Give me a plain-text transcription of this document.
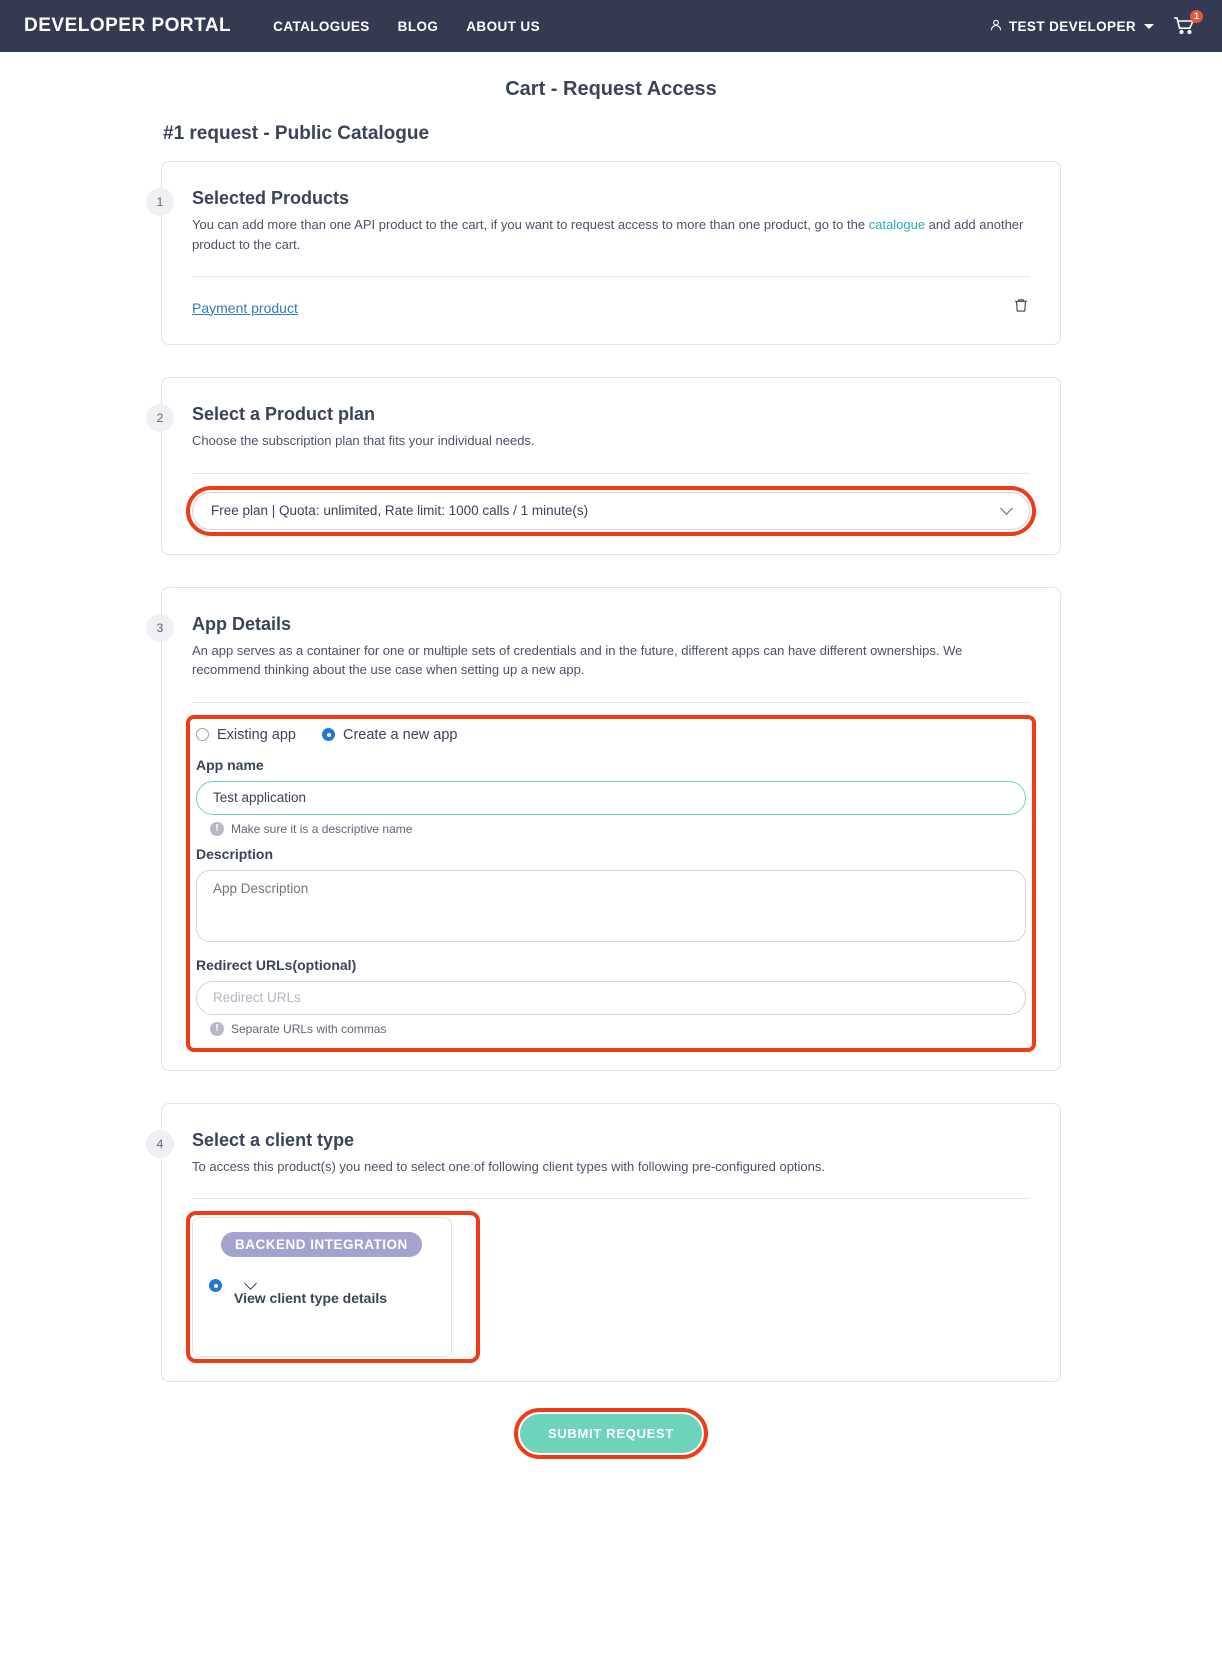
DEVELOPER PORTAL	CATALOGUES BLOG ABOUT US	TEST DEVELOPER
1
Cart - Request Access
#1 request - Public Catalogue
1	Selected Products

You can add more than one API product to the cart, if you want to request access to more than one product, go to the catalogue and add another product to the cart.

Payment product
2	Select a Product plan

Choose the subscription plan that fits your individual needs.

Free plan | Quota: unlimited, Rate limit: 1000 calls / 1 minute(s)
3	App Details

An app serves as a container for one or multiple sets of credentials and in the future, different apps can have different ownerships. We recommend thinking about the use case when setting up a new app.

Existing app	Create a new app
App name
Test application
!	Make sure it is a descriptive name
Description
App Description
Redirect URLs(optional)
Redirect URLs
!	Separate URLs with commas
4	Select a client type

To access this product(s) you need to select one of following client types with following pre-configured options.

BACKEND INTEGRATION
View client type details
SUBMIT REQUEST
